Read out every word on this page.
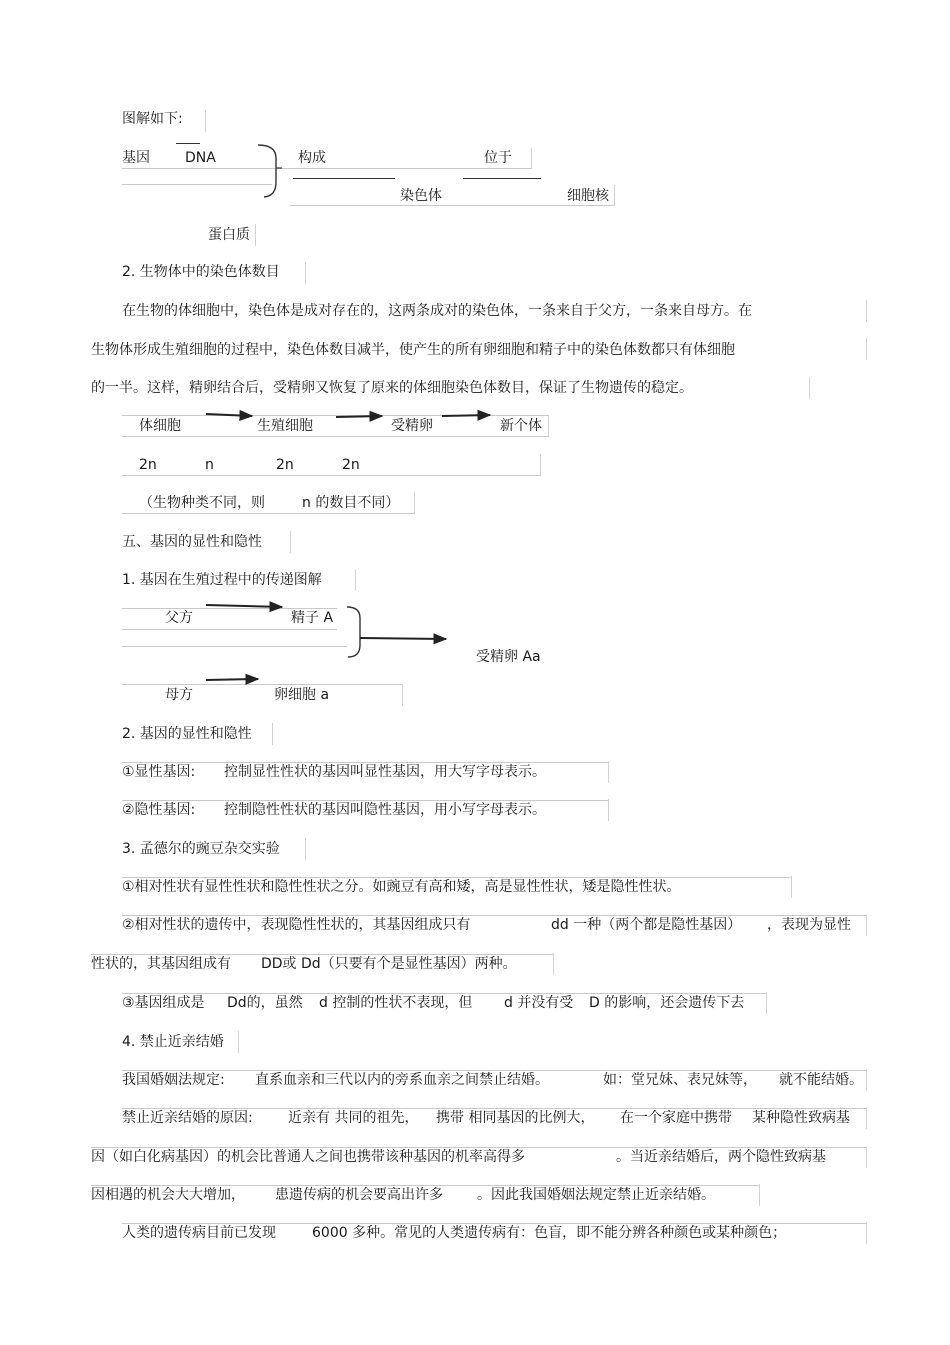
图解如下:
基因	DNA	构成	位于
染色体	细胞核
蛋白质
2. 生物体中的染色体数目
在生物的体细胞中，染色体是成对存在的，这两条成对的染色体，一条来自于父方，一条来自母方。在
生物体形成生殖细胞的过程中，染色体数目减半，使产生的所有卵细胞和精子中的染色体数都只有体细胞
的一半。这样，精卵结合后，受精卵又恢复了原来的体细胞染色体数目，保证了生物遗传的稳定。
体细胞	生殖细胞	受精卵	新个体
2n	n	2n	2n
（生物种类不同，则	n 的数目不同）
五、基因的显性和隐性
1. 基因在生殖过程中的传递图解
父方	精子 A
受精卵 Aa
母方	卵细胞 a
2. 基因的显性和隐性
①显性基因: 控制显性性状的基因叫显性基因，用大写字母表示。
②隐性基因: 控制隐性性状的基因叫隐性基因，用小写字母表示。
3. 孟德尔的豌豆杂交实验
①相对性状有显性性状和隐性性状之分。如豌豆有高和矮，高是显性性状，矮是隐性性状。
②相对性状的遗传中，表现隐性性状的，其基因组成只有	dd 一种（两个都是隐性基因） ，表现为显性
性状的，其基因组成有 DD或 Dd（只要有个是显性基因）两种。
③基因组成是 Dd的，虽然 d 控制的性状不表现，但 d 并没有受 D 的影响，还会遗传下去
4. 禁止近亲结婚
我国婚姻法规定: 直系血亲和三代以内的旁系血亲之间禁止结婚。	如：堂兄妹、表兄妹等， 就不能结婚。
禁止近亲结婚的原因:	近亲有 共同的祖先， 携带 相同基因的比例大， 在一个家庭中携带 某种隐性致病基
因（如白化病基因）的机会比普通人之间也携带该种基因的机率高得多	。当近亲结婚后，两个隐性致病基
因相遇的机会大大增加， 患遗传病的机会要高出许多 。因此我国婚姻法规定禁止近亲结婚。
人类的遗传病目前已发现	6000 多种。常见的人类遗传病有：色盲，即不能分辨各种颜色或某种颜色；
